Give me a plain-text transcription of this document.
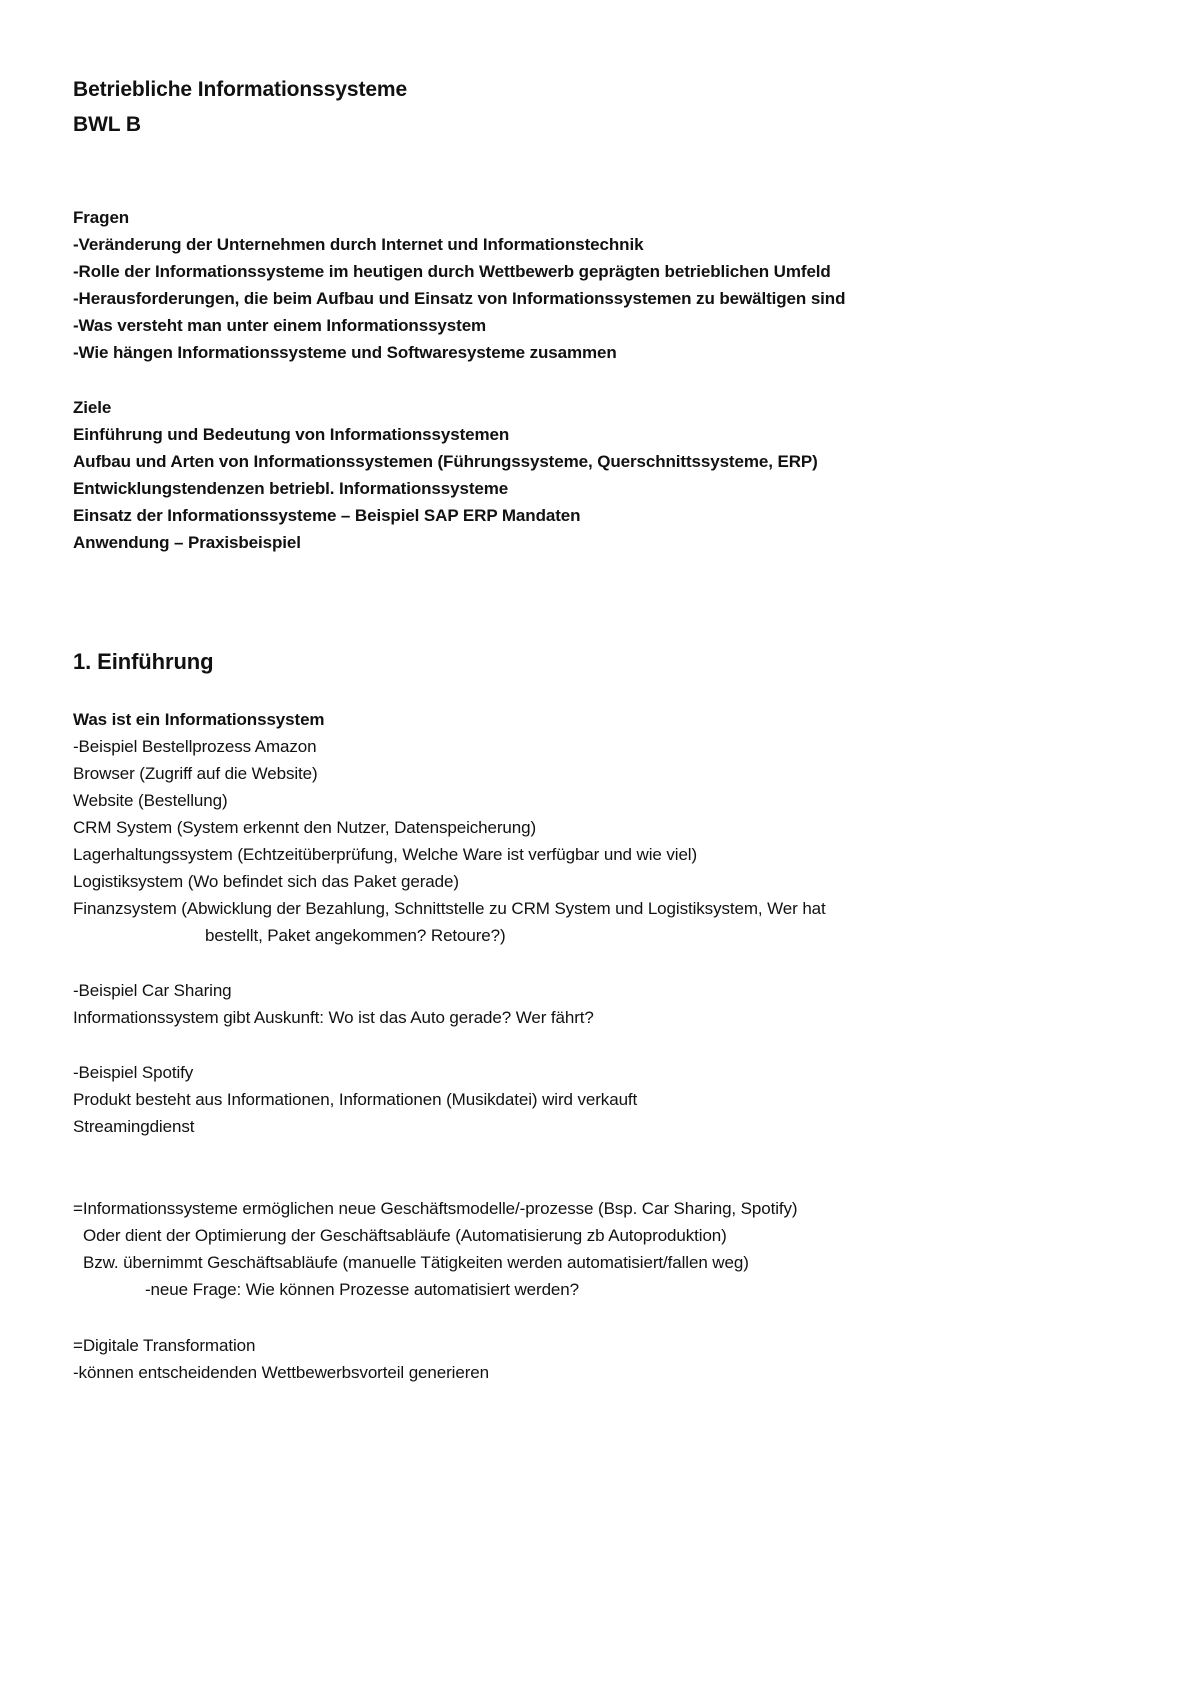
Betriebliche Informationssysteme
BWL B
Fragen
-Veränderung der Unternehmen durch Internet und Informationstechnik
-Rolle der Informationssysteme im heutigen durch Wettbewerb geprägten betrieblichen Umfeld
-Herausforderungen, die beim Aufbau und Einsatz von Informationssystemen zu bewältigen sind
-Was versteht man unter einem Informationssystem
-Wie hängen Informationssysteme und Softwaresysteme zusammen
Ziele
Einführung und Bedeutung von Informationssystemen
Aufbau und Arten von Informationssystemen (Führungssysteme, Querschnittssysteme, ERP)
Entwicklungstendenzen betriebl. Informationssysteme
Einsatz der Informationssysteme – Beispiel SAP ERP Mandaten
Anwendung – Praxisbeispiel
1. Einführung
Was ist ein Informationssystem
-Beispiel Bestellprozess Amazon
Browser (Zugriff auf die Website)
Website (Bestellung)
CRM System (System erkennt den Nutzer, Datenspeicherung)
Lagerhaltungssystem (Echtzeitüberprüfung, Welche Ware ist verfügbar und wie viel)
Logistiksystem (Wo befindet sich das Paket gerade)
Finanzsystem (Abwicklung der Bezahlung, Schnittstelle zu CRM System und Logistiksystem, Wer hat
bestellt, Paket angekommen? Retoure?)
-Beispiel Car Sharing
Informationssystem gibt Auskunft: Wo ist das Auto gerade? Wer fährt?
-Beispiel Spotify
Produkt besteht aus Informationen, Informationen (Musikdatei) wird verkauft
Streamingdienst
=Informationssysteme ermöglichen neue Geschäftsmodelle/-prozesse (Bsp. Car Sharing, Spotify)
Oder dient der Optimierung der Geschäftsabläufe (Automatisierung zb Autoproduktion)
Bzw. übernimmt Geschäftsabläufe (manuelle Tätigkeiten werden automatisiert/fallen weg)
-neue Frage: Wie können Prozesse automatisiert werden?
=Digitale Transformation
-können entscheidenden Wettbewerbsvorteil generieren
